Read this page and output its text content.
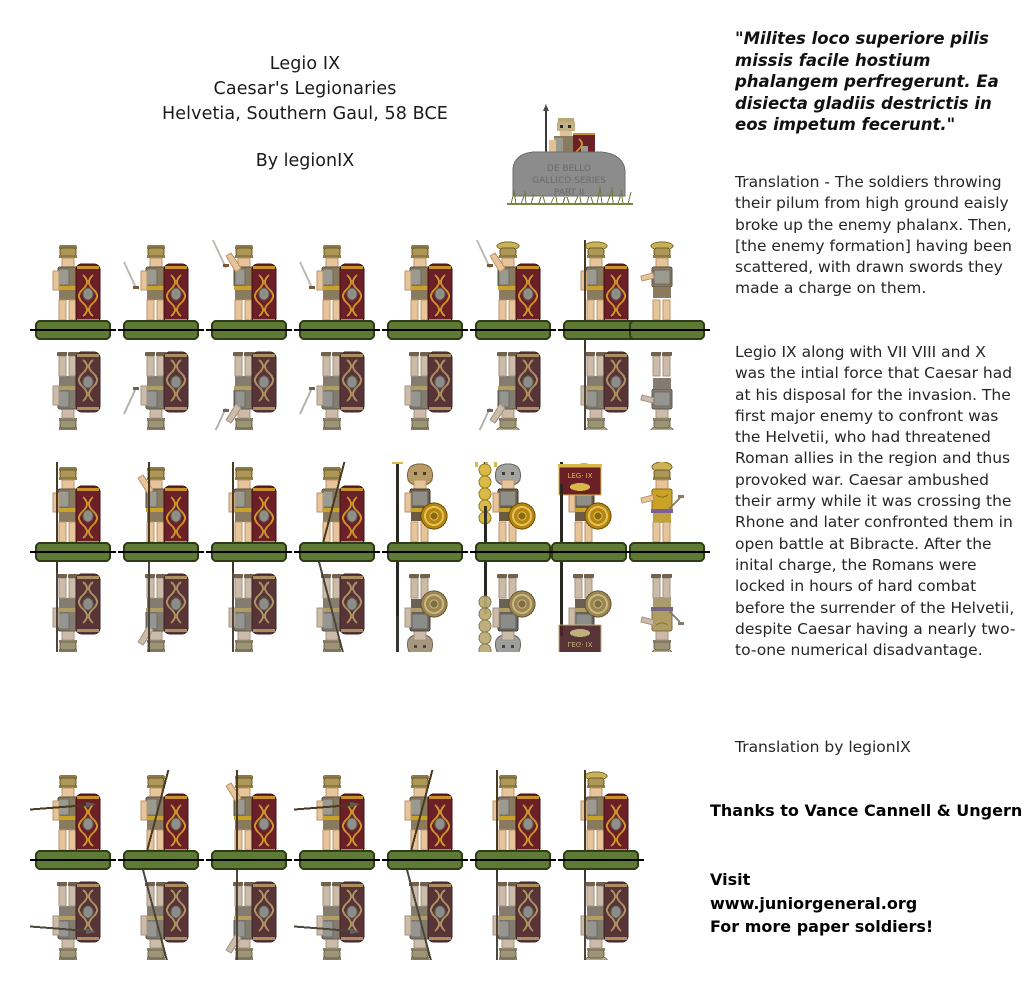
Legio IX
Caesar's Legionaries
Helvetia, Southern Gaul, 58 BCE
By legionIX	DE BELLO
GALLICO SERIES
PART II
LEG· IX
LEG· IX
"Milites loco superiore pilis missis facile hostium phalangem perfregerunt. Ea disiecta gladiis destrictis in eos impetum fecerunt."
Translation - The soldiers throwing their pilum from high ground eaisly broke up the enemy phalanx. Then, [the enemy formation] having been scattered, with drawn swords they made a charge on them.
Legio IX along with VII VIII and X was the intial force that Caesar had at his disposal for the invasion. The first major enemy to confront was the Helvetii, who had threatened Roman allies in the region and thus provoked war. Caesar ambushed their army while it was crossing the Rhone and later confronted them in open battle at Bibracte. After the inital charge, the Romans were locked in hours of hard combat before the surrender of the Helvetii, despite Caesar having a nearly two-to-one numerical disadvantage.
Translation by legionIX
Thanks to Vance Cannell & Ungern
Visit
www.juniorgeneral.org
For more paper soldiers!
